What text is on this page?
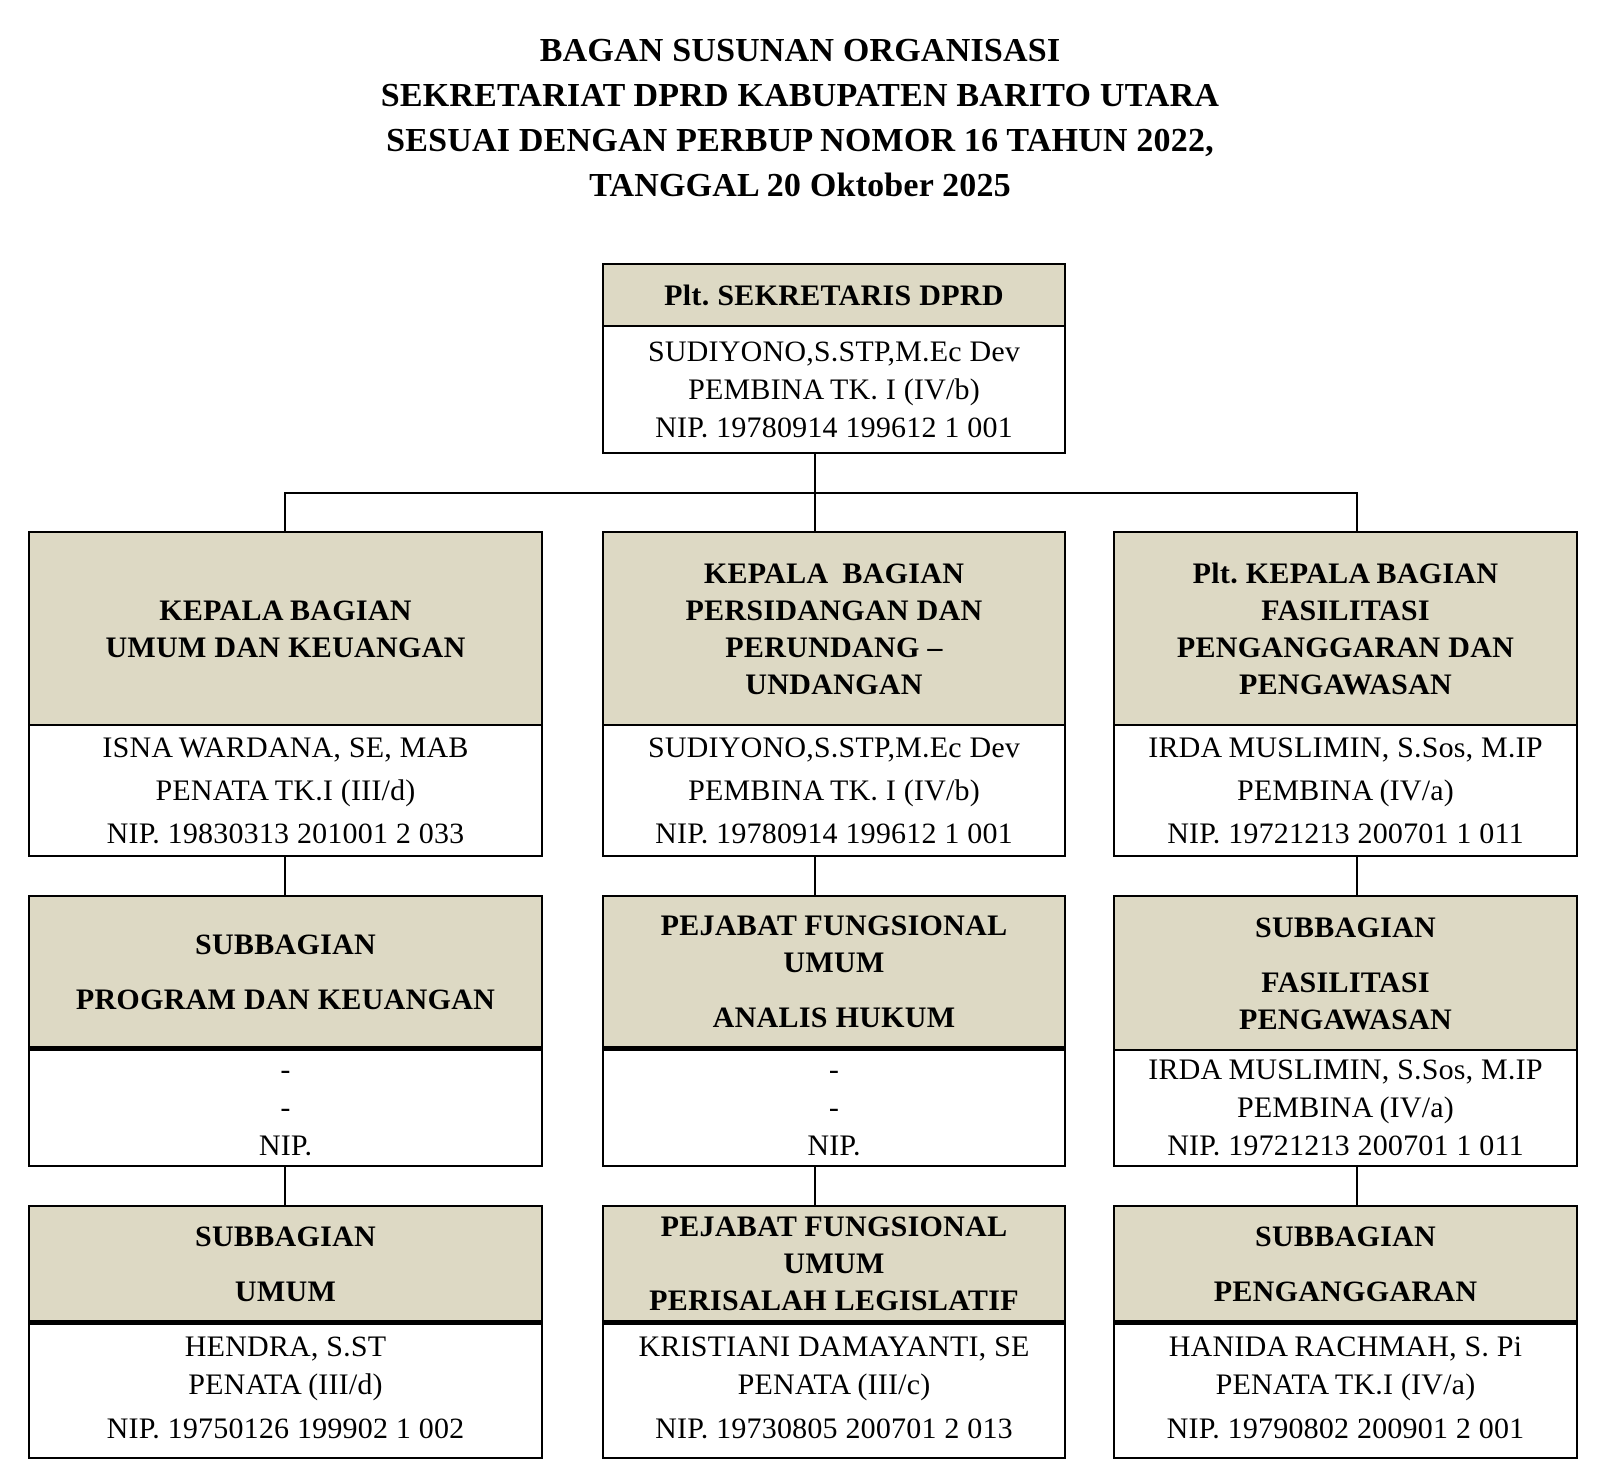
BAGAN SUSUNAN ORGANISASI
SEKRETARIAT DPRD KABUPATEN BARITO UTARA
SESUAI DENGAN PERBUP NOMOR 16 TAHUN 2022,
TANGGAL 20 Oktober 2025
Plt. SEKRETARIS DPRD
SUDIYONO,S.STP,M.Ec Dev
PEMBINA TK. I (IV/b)
NIP. 19780914 199612 1 001
KEPALA BAGIAN
UMUM DAN KEUANGAN
ISNA WARDANA, SE, MAB
PENATA TK.I (III/d)
NIP. 19830313 201001 2 033
KEPALA  BAGIAN
PERSIDANGAN DAN
PERUNDANG –
UNDANGAN
SUDIYONO,S.STP,M.Ec Dev
PEMBINA TK. I (IV/b)
NIP. 19780914 199612 1 001
Plt. KEPALA BAGIAN
FASILITASI
PENGANGGARAN DAN
PENGAWASAN
IRDA MUSLIMIN, S.Sos, M.IP
PEMBINA (IV/a)
NIP. 19721213 200701 1 011
SUBBAGIAN
PROGRAM DAN KEUANGAN
-
-
NIP.
PEJABAT FUNGSIONAL
UMUM
ANALIS HUKUM
-
-
NIP.
SUBBAGIAN
FASILITASI
PENGAWASAN
IRDA MUSLIMIN, S.Sos, M.IP
PEMBINA (IV/a)
NIP. 19721213 200701 1 011
SUBBAGIAN
UMUM
HENDRA, S.ST
PENATA (III/d)
NIP. 19750126 199902 1 002
PEJABAT FUNGSIONAL
UMUM
PERISALAH LEGISLATIF
KRISTIANI DAMAYANTI, SE
PENATA (III/c)
NIP. 19730805 200701 2 013
SUBBAGIAN
PENGANGGARAN
HANIDA RACHMAH, S. Pi
PENATA TK.I (IV/a)
NIP. 19790802 200901 2 001
